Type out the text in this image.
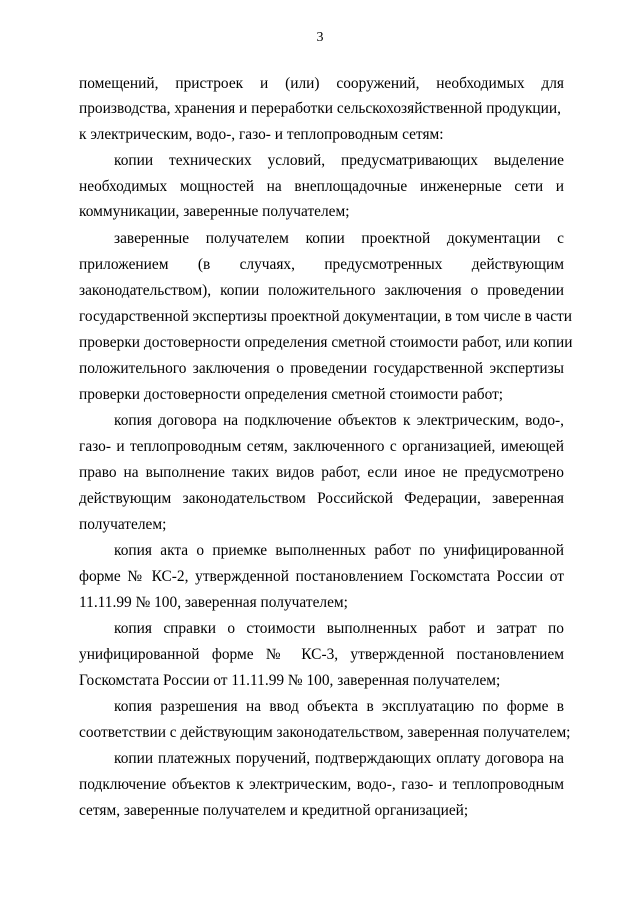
3
помещений, пристроек и (или) сооружений, необходимых для
производства, хранения и переработки сельскохозяйственной продукции,
к электрическим, водо-, газо- и теплопроводным сетям:
копии технических условий, предусматривающих выделение
необходимых мощностей на внеплощадочные инженерные сети и
коммуникации, заверенные получателем;
заверенные получателем копии проектной документации с
приложением (в случаях, предусмотренных действующим
законодательством), копии положительного заключения о проведении
государственной экспертизы проектной документации, в том числе в части
проверки достоверности определения сметной стоимости работ, или копии
положительного заключения о проведении государственной экспертизы
проверки достоверности определения сметной стоимости работ;
копия договора на подключение объектов к электрическим, водо-,
газо- и теплопроводным сетям, заключенного с организацией, имеющей
право на выполнение таких видов работ, если иное не предусмотрено
действующим законодательством Российской Федерации, заверенная
получателем;
копия акта о приемке выполненных работ по унифицированной
форме № КС-2, утвержденной постановлением Госкомстата России от
11.11.99 № 100, заверенная получателем;
копия справки о стоимости выполненных работ и затрат по
унифицированной форме № КС-3, утвержденной постановлением
Госкомстата России от 11.11.99 № 100, заверенная получателем;
копия разрешения на ввод объекта в эксплуатацию по форме в
соответствии с действующим законодательством, заверенная получателем;
копии платежных поручений, подтверждающих оплату договора на
подключение объектов к электрическим, водо-, газо- и теплопроводным
сетям, заверенные получателем и кредитной организацией;
